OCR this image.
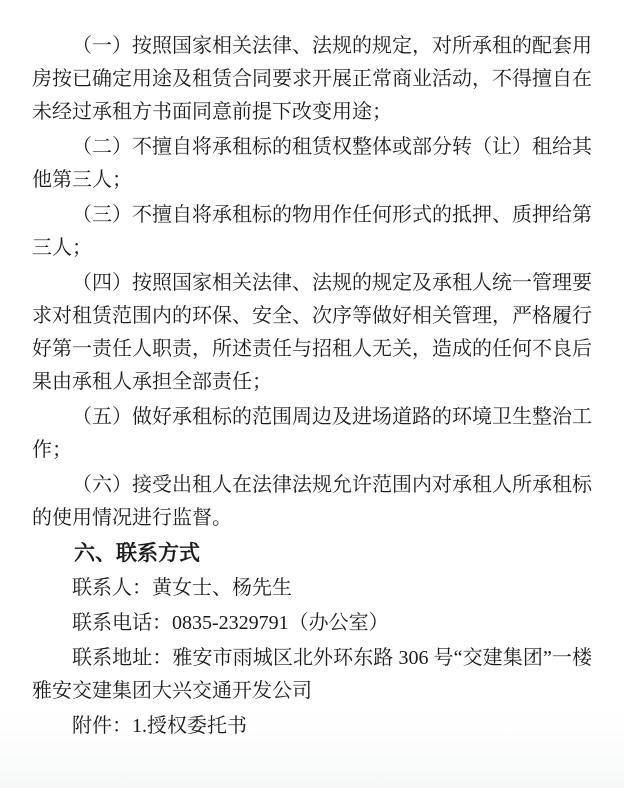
（一）按照国家相关法律、法规的规定，对所承租的配套用房按已确定用途及租赁合同要求开展正常商业活动，不得擅自在未经过承租方书面同意前提下改变用途；

（二）不擅自将承租标的租赁权整体或部分转（让）租给其他第三人；

（三）不擅自将承租标的物用作任何形式的抵押、质押给第三人；

（四）按照国家相关法律、法规的规定及承租人统一管理要求对租赁范围内的环保、安全、次序等做好相关管理，严格履行好第一责任人职责，所述责任与招租人无关，造成的任何不良后果由承租人承担全部责任；

（五）做好承租标的范围周边及进场道路的环境卫生整治工作；

（六）接受出租人在法律法规允许范围内对承租人所承租标的使用情况进行监督。

六、联系方式

联系人：黄女士、杨先生

联系电话：0835-2329791（办公室）

联系地址：雅安市雨城区北外环东路 306 号“交建集团”一楼雅安交建集团大兴交通开发公司

附件：1.授权委托书
